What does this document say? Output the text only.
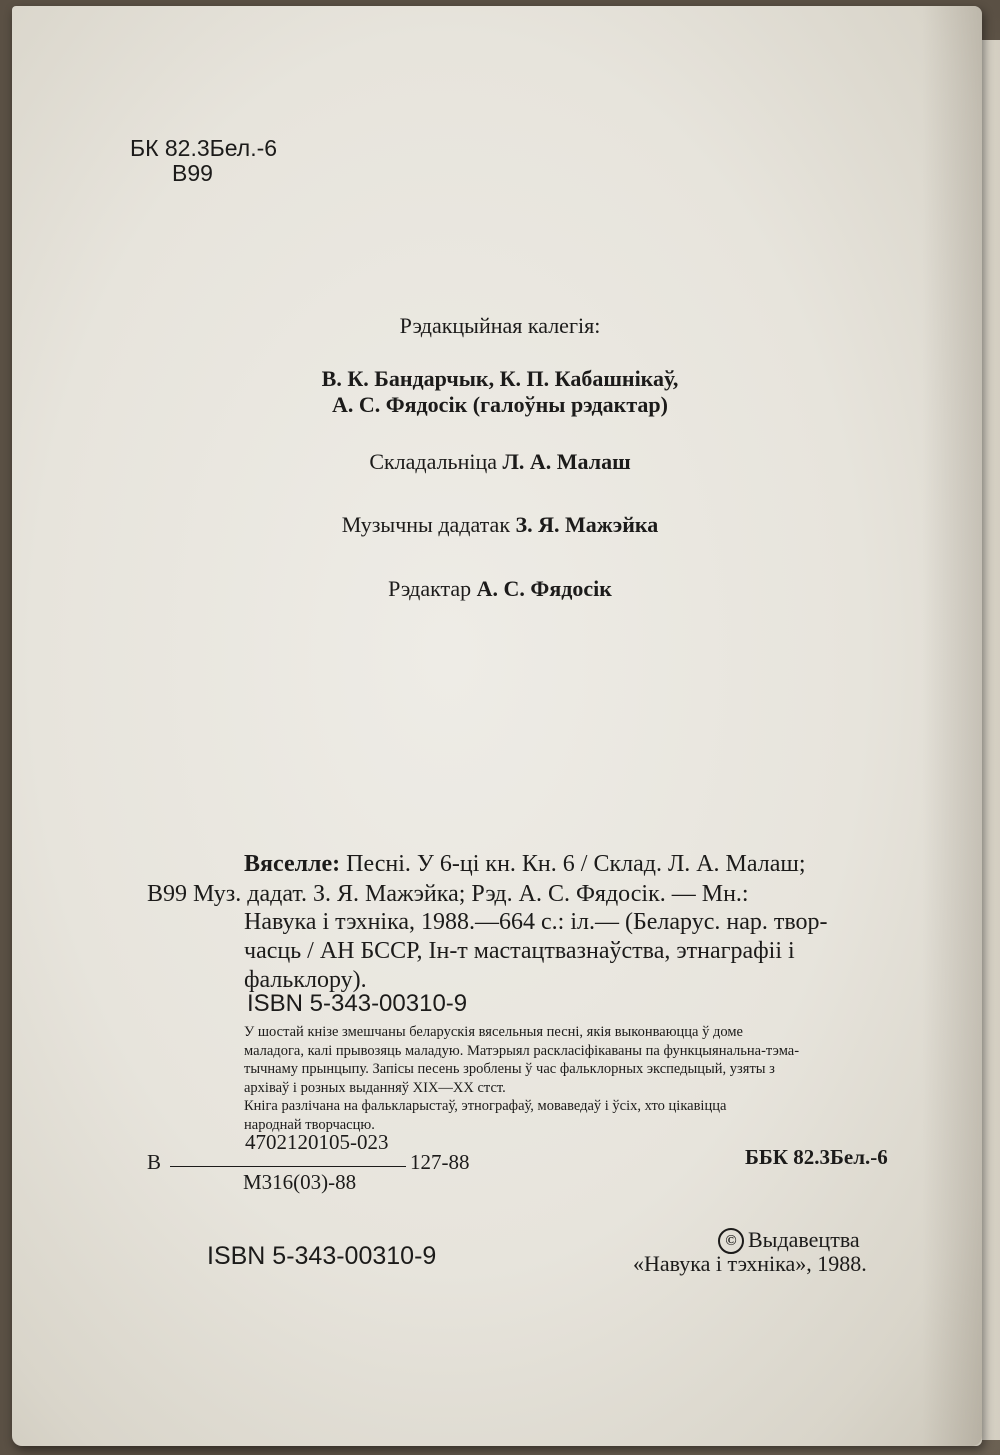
БК 82.3Бел.-6
В99
Рэдакцыйная калегія:
В. К. Бандарчык, К. П. Кабашнікаў,
А. С. Фядосік (галоўны рэдактар)
Складальніца Л. А. Малаш
Музычны дадатак З. Я. Мажэйка
Рэдактар А. С. Фядосік
Вяселле: Песні. У 6-ці кн. Кн. 6 / Склад. Л. А. Малаш;
В99 Муз. дадат. З. Я. Мажэйка; Рэд. А. С. Фядосік. — Мн.:
Навука і тэхніка, 1988.—664 с.: іл.— (Беларус. нар. твор-
часць / АН БССР, Ін-т мастацтвазнаўства, этнаграфіі і
фальклору).
ISBN 5-343-00310-9
У шостай кнізе змешчаны беларускія вясельныя песні, якія выконваюцца ў доме
маладога, калі прывозяць маладую. Матэрыял раскласіфікаваны па функцыянальна-тэма-
тычнаму прынцыпу. Запісы песень зроблены ў час фальклорных экспедыцый, узяты з
архіваў і розных выданняў XIX—XX стст.
Кніга разлічана на фалькларыстаў, этнографаў, моваведаў і ўсіх, хто цікавіцца
народнай творчасцю.
4702120105-023
В	127-88
М316(03)-88
ББК 82.3Бел.-6
ISBN 5-343-00310-9
© Выдавецтва
«Навука і тэхніка», 1988.
